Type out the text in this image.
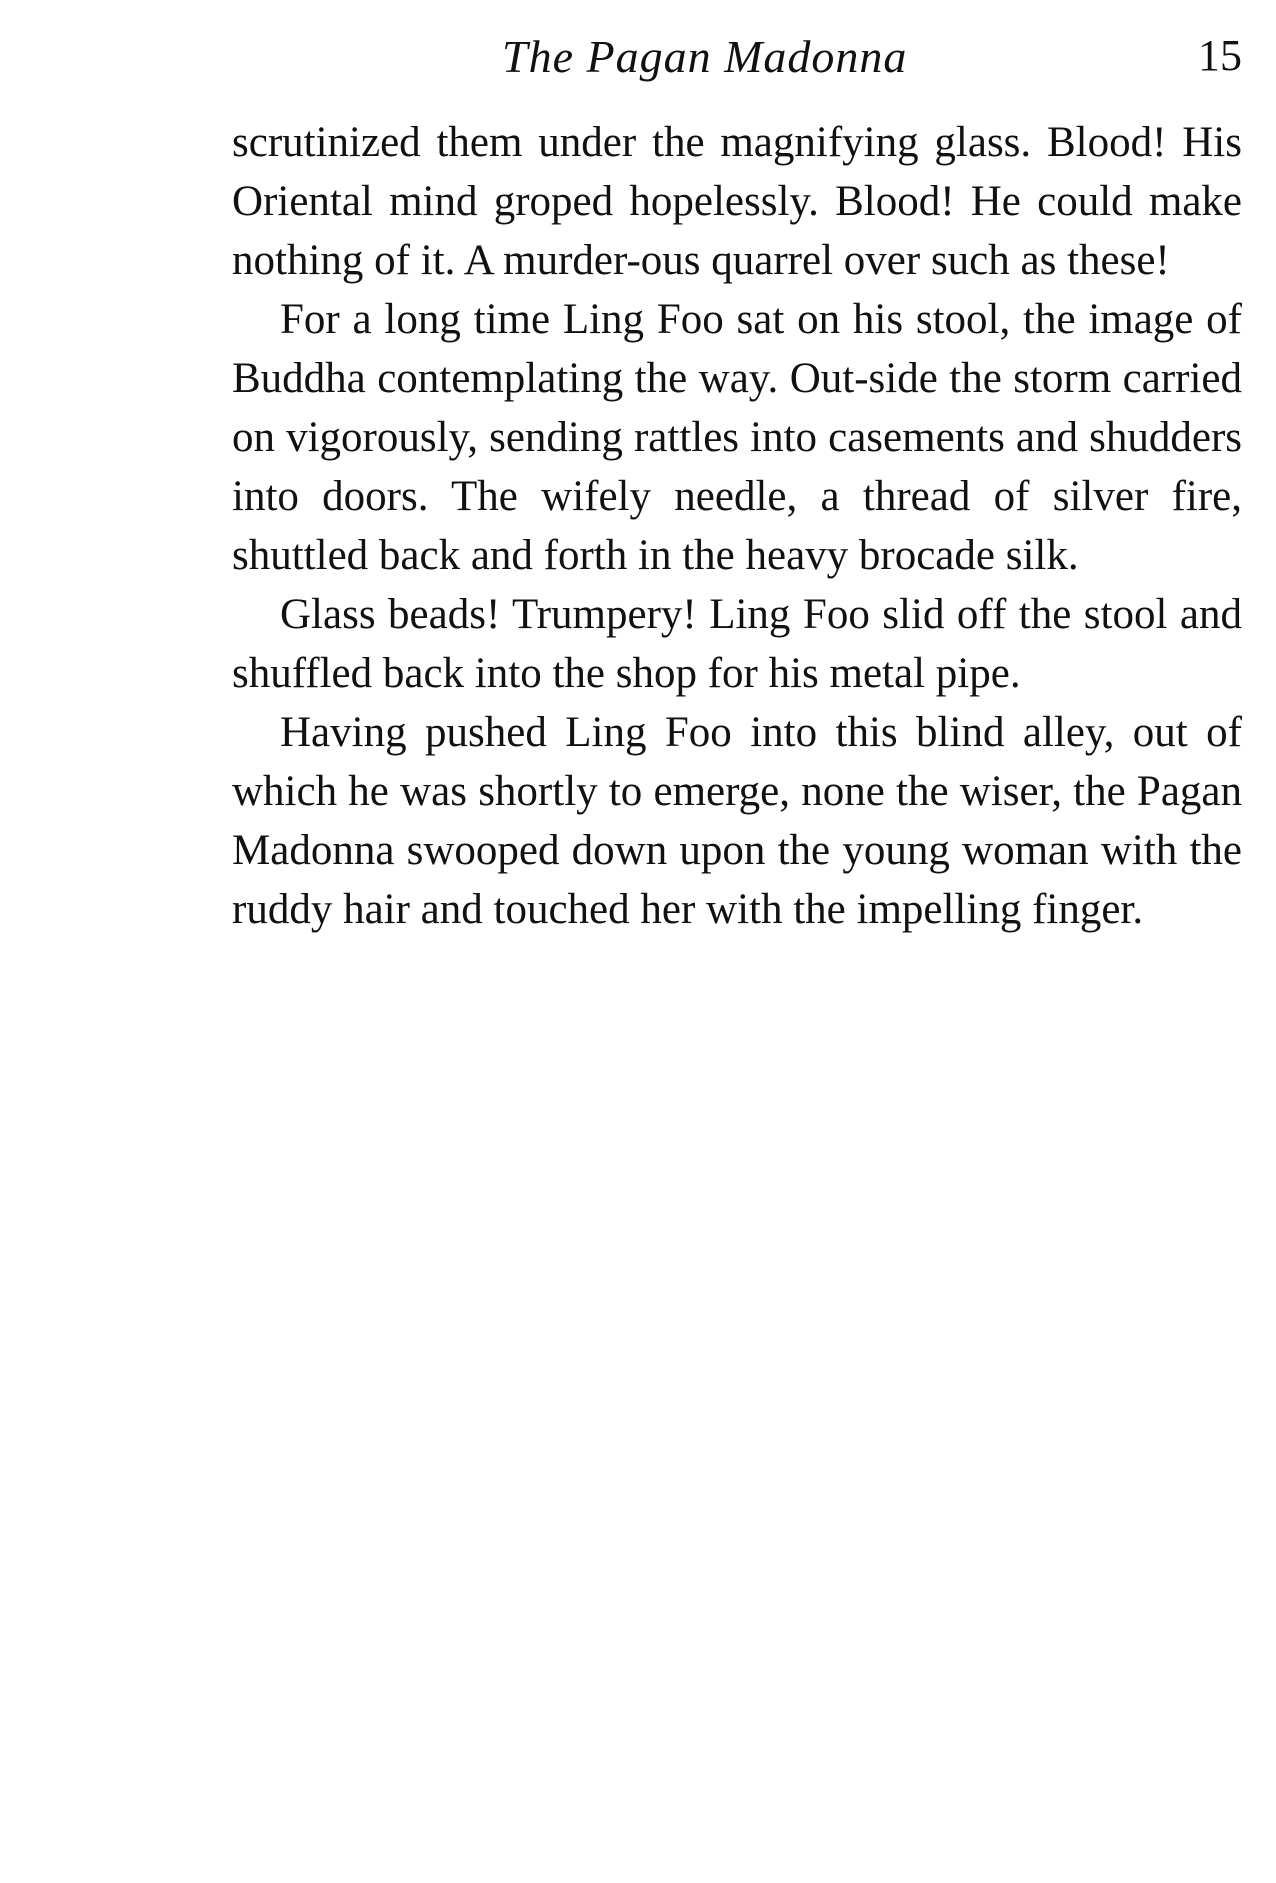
The Pagan Madonna	15

scrutinized them under the magnifying glass. Blood! His Oriental mind groped hopelessly. Blood! He could make nothing of it. A murder-ous quarrel over such as these!

For a long time Ling Foo sat on his stool, the image of Buddha contemplating the way. Out-side the storm carried on vigorously, sending rattles into casements and shudders into doors. The wifely needle, a thread of silver fire, shuttled back and forth in the heavy brocade silk.

Glass beads! Trumpery! Ling Foo slid off the stool and shuffled back into the shop for his metal pipe.

Having pushed Ling Foo into this blind alley, out of which he was shortly to emerge, none the wiser, the Pagan Madonna swooped down upon the young woman with the ruddy hair and touched her with the impelling finger.
